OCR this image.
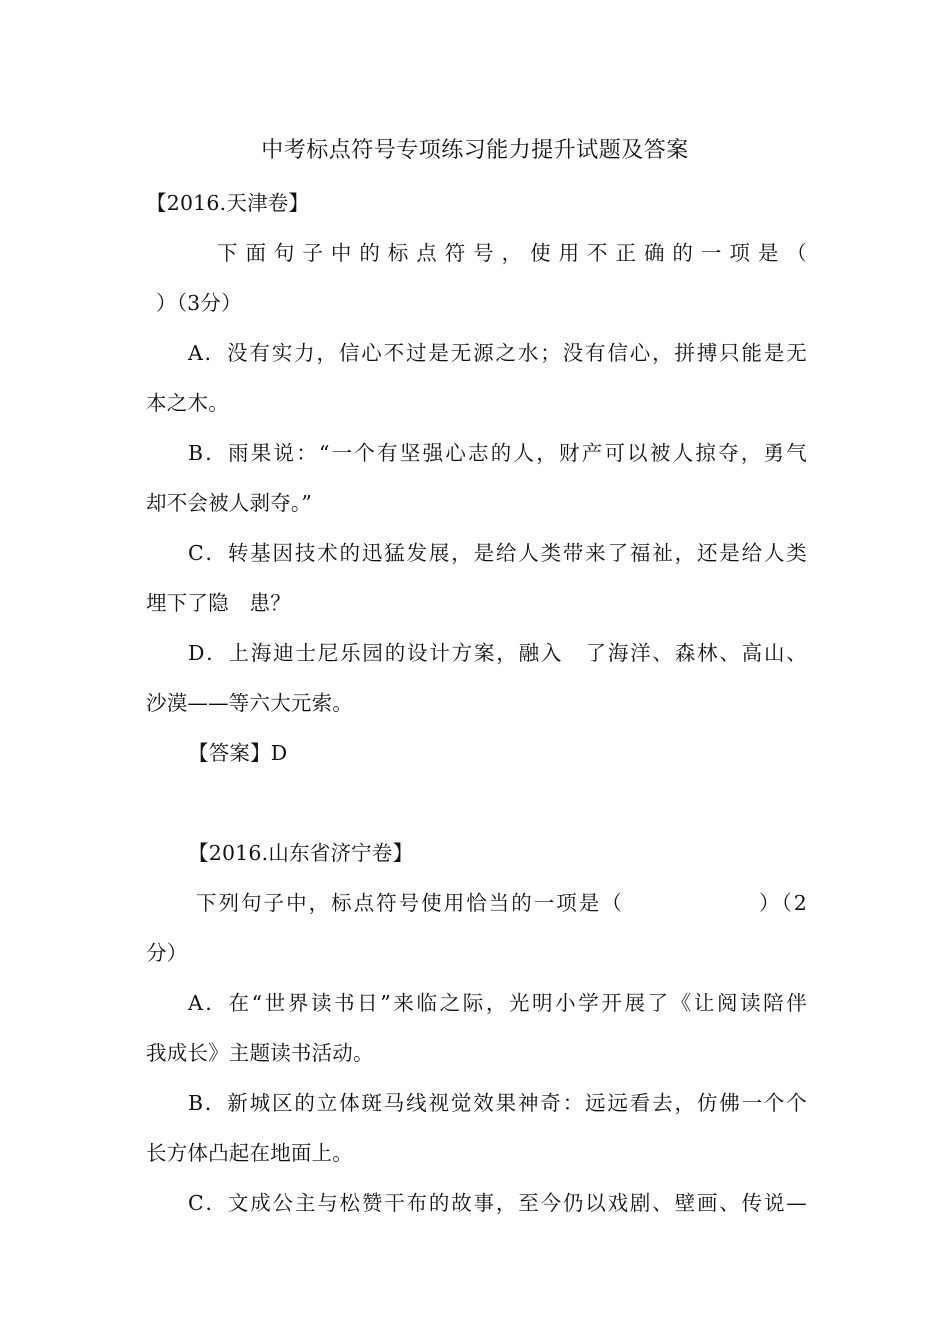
中考标点符号专项练习能力提升试题及答案
【2016.天津卷】
下面句子中的标点符号，使用不正确的一项是（
）（3分）
A．没有实力，信心不过是无源之水；没有信心，拼搏只能是无
本之木。
B．雨果说：“一个有坚强心志的人，财产可以被人掠夺，勇气
却不会被人剥夺。”
C．转基因技术的迅猛发展，是给人类带来了福祉，还是给人类
埋下了隐　患？
D．上海迪士尼乐园的设计方案，融入　了海洋、森林、高山、
沙漠——等六大元索。
【答案】D
【2016.山东省济宁卷】
下列句子中，标点符号使用恰当的一项是（　　　　　　）（2
分）
A．在“世界读书日”来临之际，光明小学开展了《让阅读陪伴
我成长》主题读书活动。
B．新城区的立体斑马线视觉效果神奇：远远看去，仿佛一个个
长方体凸起在地面上。
C．文成公主与松赞干布的故事，至今仍以戏剧、壁画、传说—
